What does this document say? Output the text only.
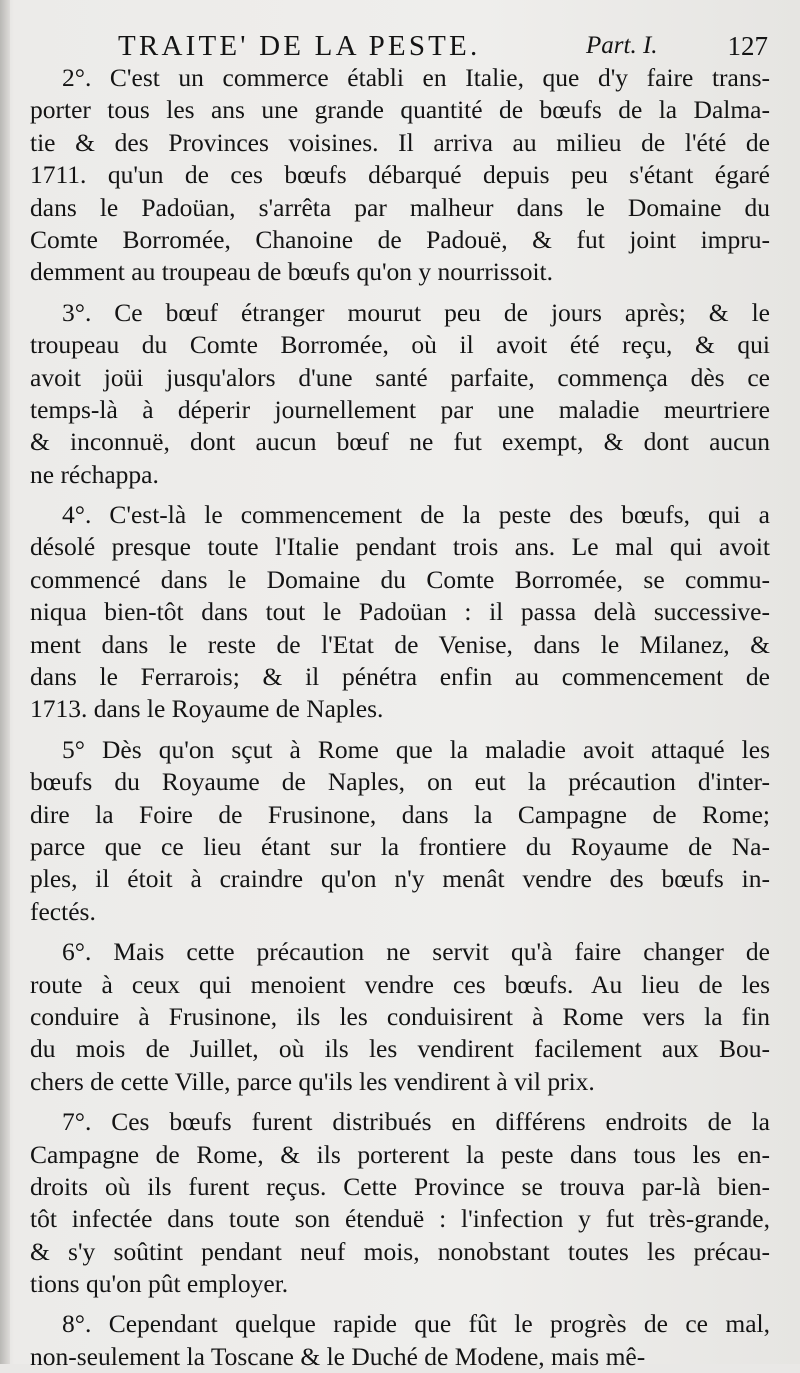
TRAITE' DE LA PESTE.	Part. I.	127
2°. C'est un commerce établi en Italie, que d'y faire trans-
porter tous les ans une grande quantité de bœufs de la Dalma-
tie & des Provinces voisines. Il arriva au milieu de l'été de
1711. qu'un de ces bœufs débarqué depuis peu s'étant égaré
dans le Padoüan, s'arrêta par malheur dans le Domaine du
Comte Borromée, Chanoine de Padouë, & fut joint impru-
demment au troupeau de bœufs qu'on y nourrissoit.
3°. Ce bœuf étranger mourut peu de jours après; & le
troupeau du Comte Borromée, où il avoit été reçu, & qui
avoit joüi jusqu'alors d'une santé parfaite, commença dès ce
temps-là à déperir journellement par une maladie meurtriere
& inconnuë, dont aucun bœuf ne fut exempt, & dont aucun
ne réchappa.
4°. C'est-là le commencement de la peste des bœufs, qui a
désolé presque toute l'Italie pendant trois ans. Le mal qui avoit
commencé dans le Domaine du Comte Borromée, se commu-
niqua bien-tôt dans tout le Padoüan : il passa delà successive-
ment dans le reste de l'Etat de Venise, dans le Milanez, &
dans le Ferrarois; & il pénétra enfin au commencement de
1713. dans le Royaume de Naples.
5° Dès qu'on sçut à Rome que la maladie avoit attaqué les
bœufs du Royaume de Naples, on eut la précaution d'inter-
dire la Foire de Frusinone, dans la Campagne de Rome;
parce que ce lieu étant sur la frontiere du Royaume de Na-
ples, il étoit à craindre qu'on n'y menât vendre des bœufs in-
fectés.
6°. Mais cette précaution ne servit qu'à faire changer de
route à ceux qui menoient vendre ces bœufs. Au lieu de les
conduire à Frusinone, ils les conduisirent à Rome vers la fin
du mois de Juillet, où ils les vendirent facilement aux Bou-
chers de cette Ville, parce qu'ils les vendirent à vil prix.
7°. Ces bœufs furent distribués en différens endroits de la
Campagne de Rome, & ils porterent la peste dans tous les en-
droits où ils furent reçus. Cette Province se trouva par-là bien-
tôt infectée dans toute son étenduë : l'infection y fut très-grande,
& s'y soûtint pendant neuf mois, nonobstant toutes les précau-
tions qu'on pût employer.
8°. Cependant quelque rapide que fût le progrès de ce mal,
non-seulement la Toscane & le Duché de Modene, mais mê-
